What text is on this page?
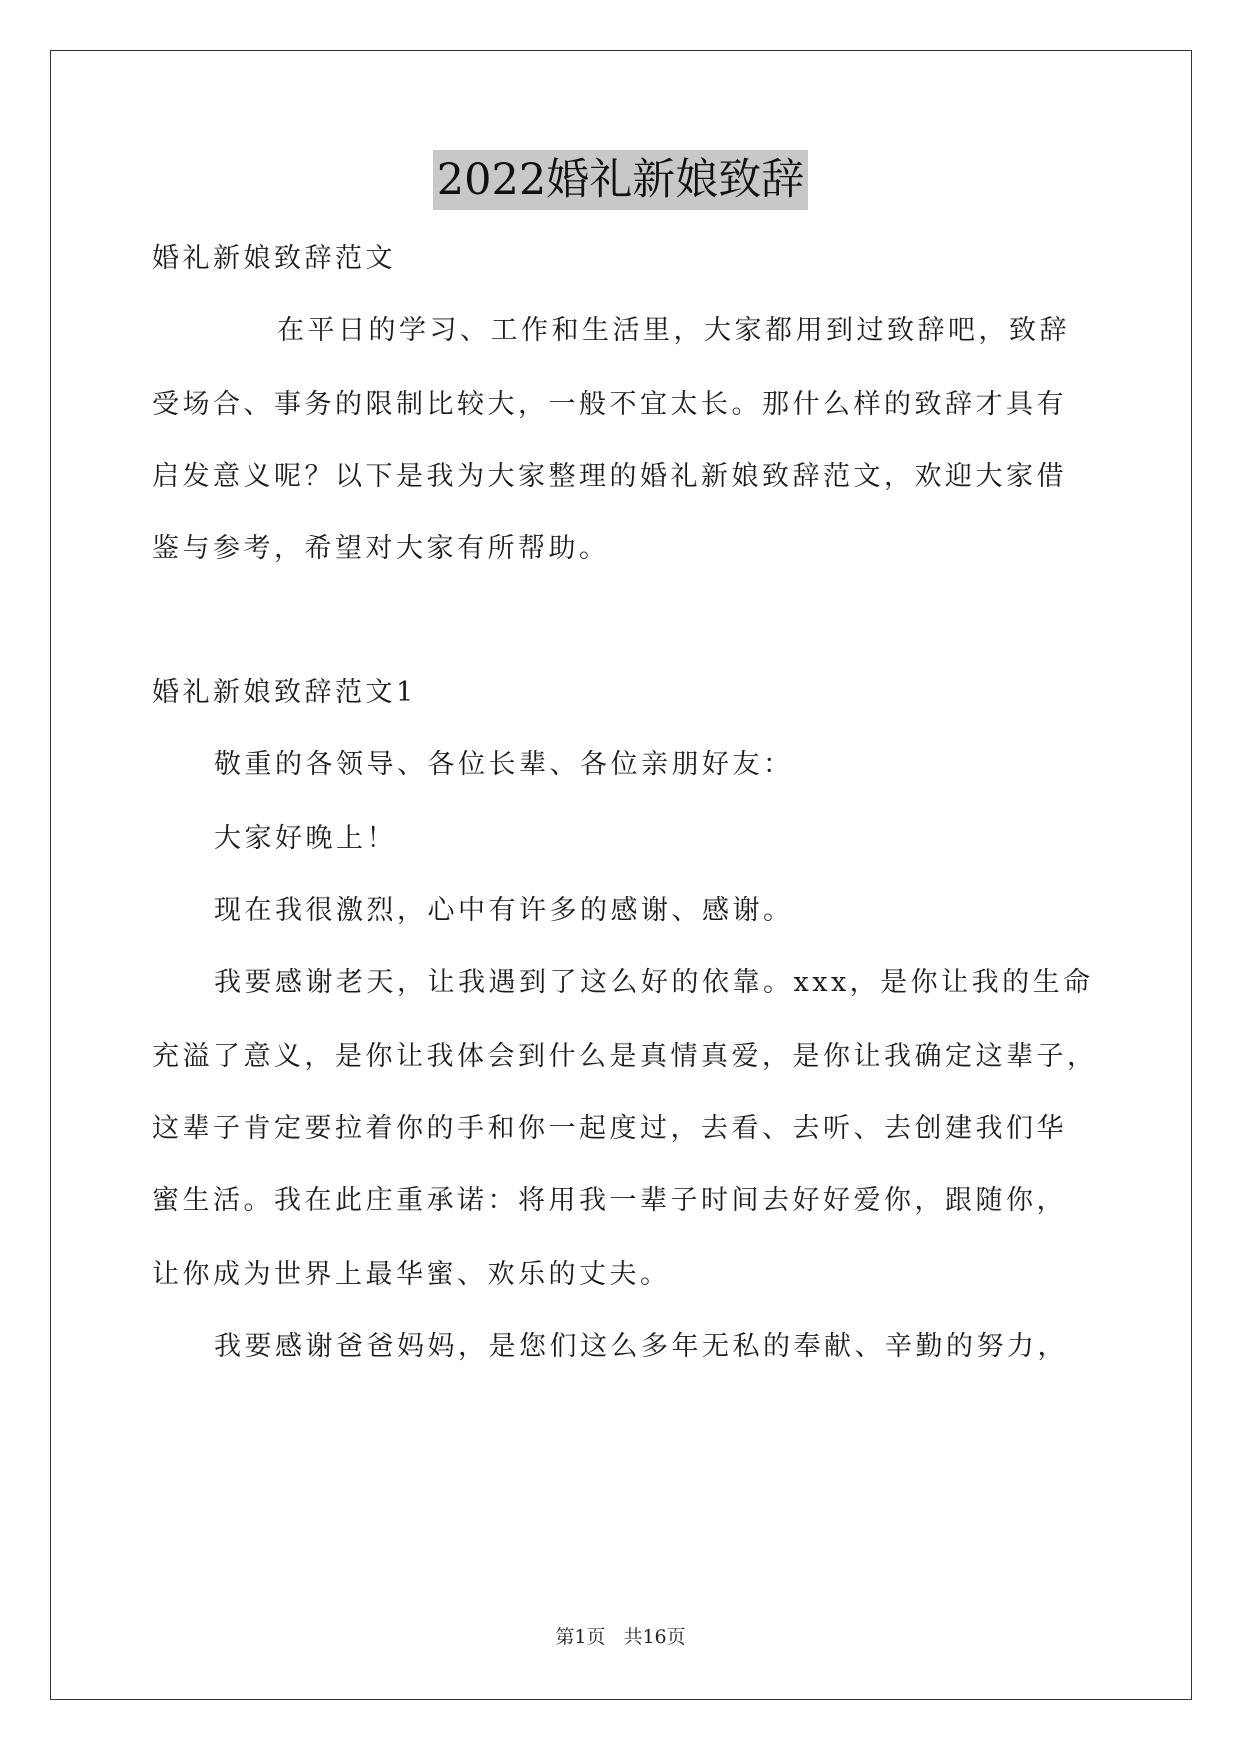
2022婚礼新娘致辞
婚礼新娘致辞范文
在平日的学习、工作和生活里，大家都用到过致辞吧，致辞
受场合、事务的限制比较大，一般不宜太长。那什么样的致辞才具有
启发意义呢？以下是我为大家整理的婚礼新娘致辞范文，欢迎大家借
鉴与参考，希望对大家有所帮助。
婚礼新娘致辞范文1
敬重的各领导、各位长辈、各位亲朋好友：
大家好晚上！
现在我很激烈，心中有许多的感谢、感谢。
我要感谢老天，让我遇到了这么好的依靠。xxx，是你让我的生命
充溢了意义，是你让我体会到什么是真情真爱，是你让我确定这辈子，
这辈子肯定要拉着你的手和你一起度过，去看、去听、去创建我们华
蜜生活。我在此庄重承诺：将用我一辈子时间去好好爱你，跟随你，
让你成为世界上最华蜜、欢乐的丈夫。
我要感谢爸爸妈妈，是您们这么多年无私的奉献、辛勤的努力，
第1页 共16页
